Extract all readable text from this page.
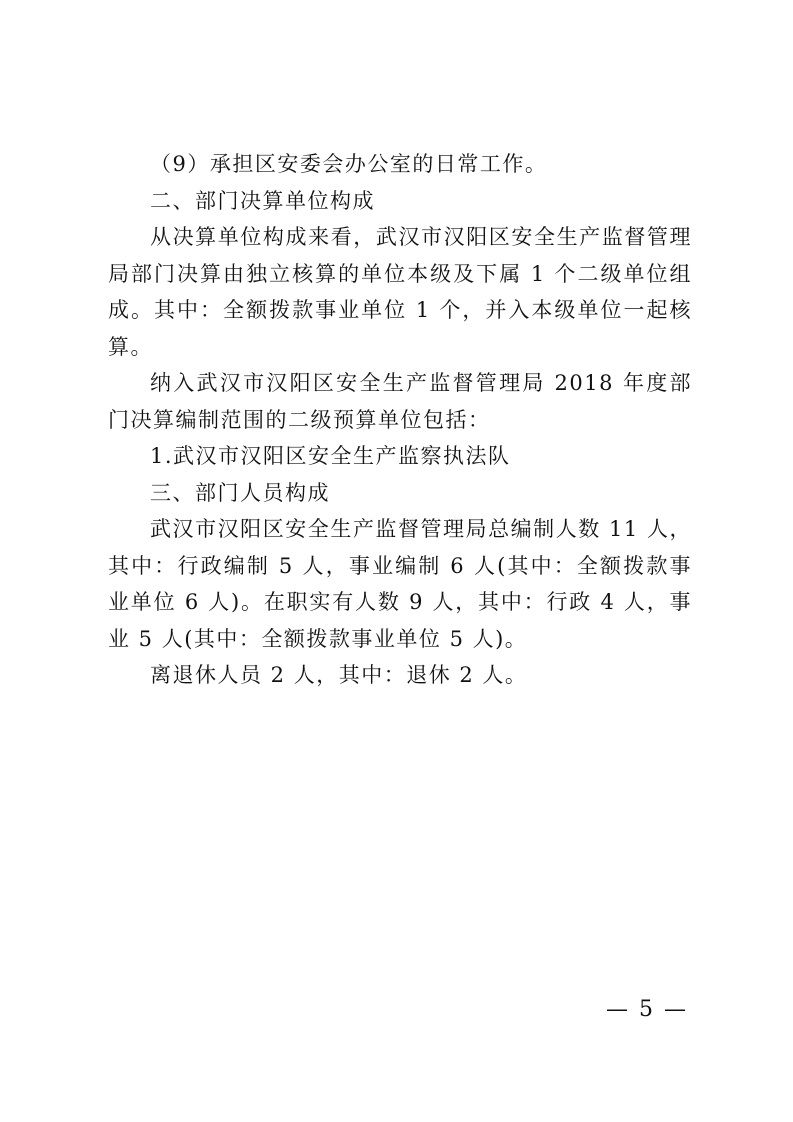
（9）承担区安委会办公室的日常工作。

二、部门决算单位构成

从决算单位构成来看，武汉市汉阳区安全生产监督管理局部门决算由独立核算的单位本级及下属 1 个二级单位组成。其中：全额拨款事业单位 1 个，并入本级单位一起核算。

纳入武汉市汉阳区安全生产监督管理局 2018 年度部门决算编制范围的二级预算单位包括：

1.武汉市汉阳区安全生产监察执法队

三、部门人员构成

武汉市汉阳区安全生产监督管理局总编制人数 11 人，其中：行政编制 5 人，事业编制 6 人(其中：全额拨款事业单位 6 人)。在职实有人数 9 人，其中：行政 4 人，事业 5 人(其中：全额拨款事业单位 5 人)。

离退休人员 2 人，其中：退休 2 人。

— 5 —
